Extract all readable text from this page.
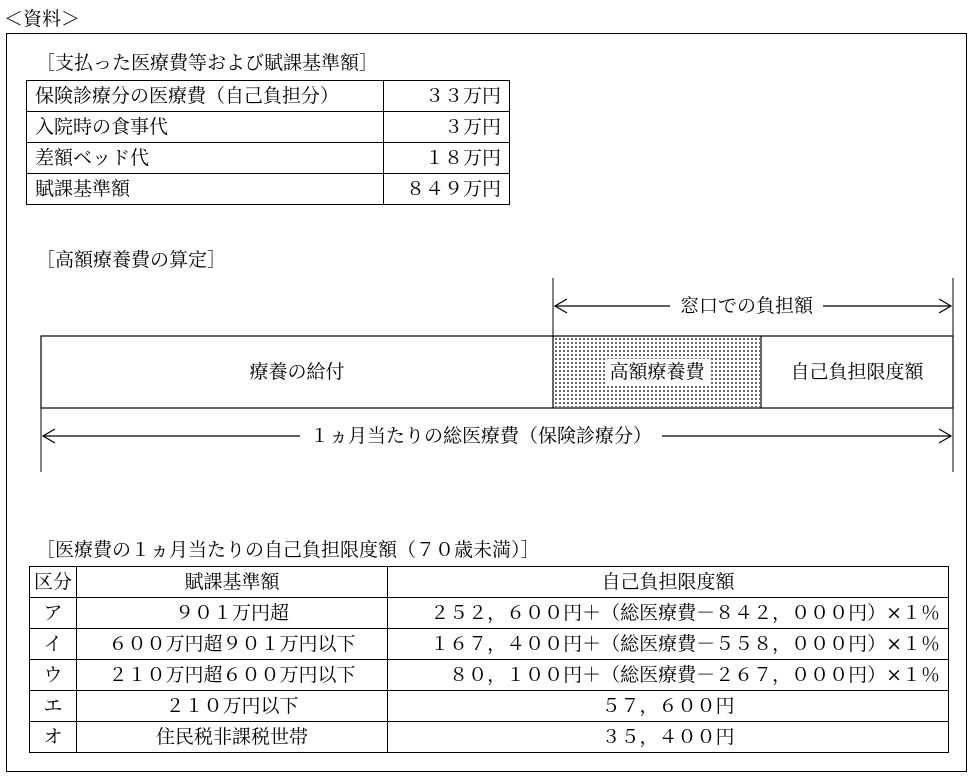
＜資料＞
［支払った医療費等および賦課基準額］
保険診療分の医療費（自己負担分）	３３万円
入院時の食事代	３万円
差額ベッド代	１８万円
賦課基準額	８４９万円
［高額療養費の算定］
窓口での負担額
療養の給付	高額療養費	自己負担限度額
１ヵ月当たりの総医療費（保険診療分）
［医療費の１ヵ月当たりの自己負担限度額（７０歳未満）］
区分	賦課基準額	自己負担限度額
ア	９０１万円超	２５２，６００円＋（総医療費－８４２，０００円）×１％
イ	６００万円超９０１万円以下	１６７，４００円＋（総医療費－５５８，０００円）×１％
ウ	２１０万円超６００万円以下	８０，１００円＋（総医療費－２６７，０００円）×１％
エ	２１０万円以下	５７，６００円
オ	住民税非課税世帯	３５，４００円
